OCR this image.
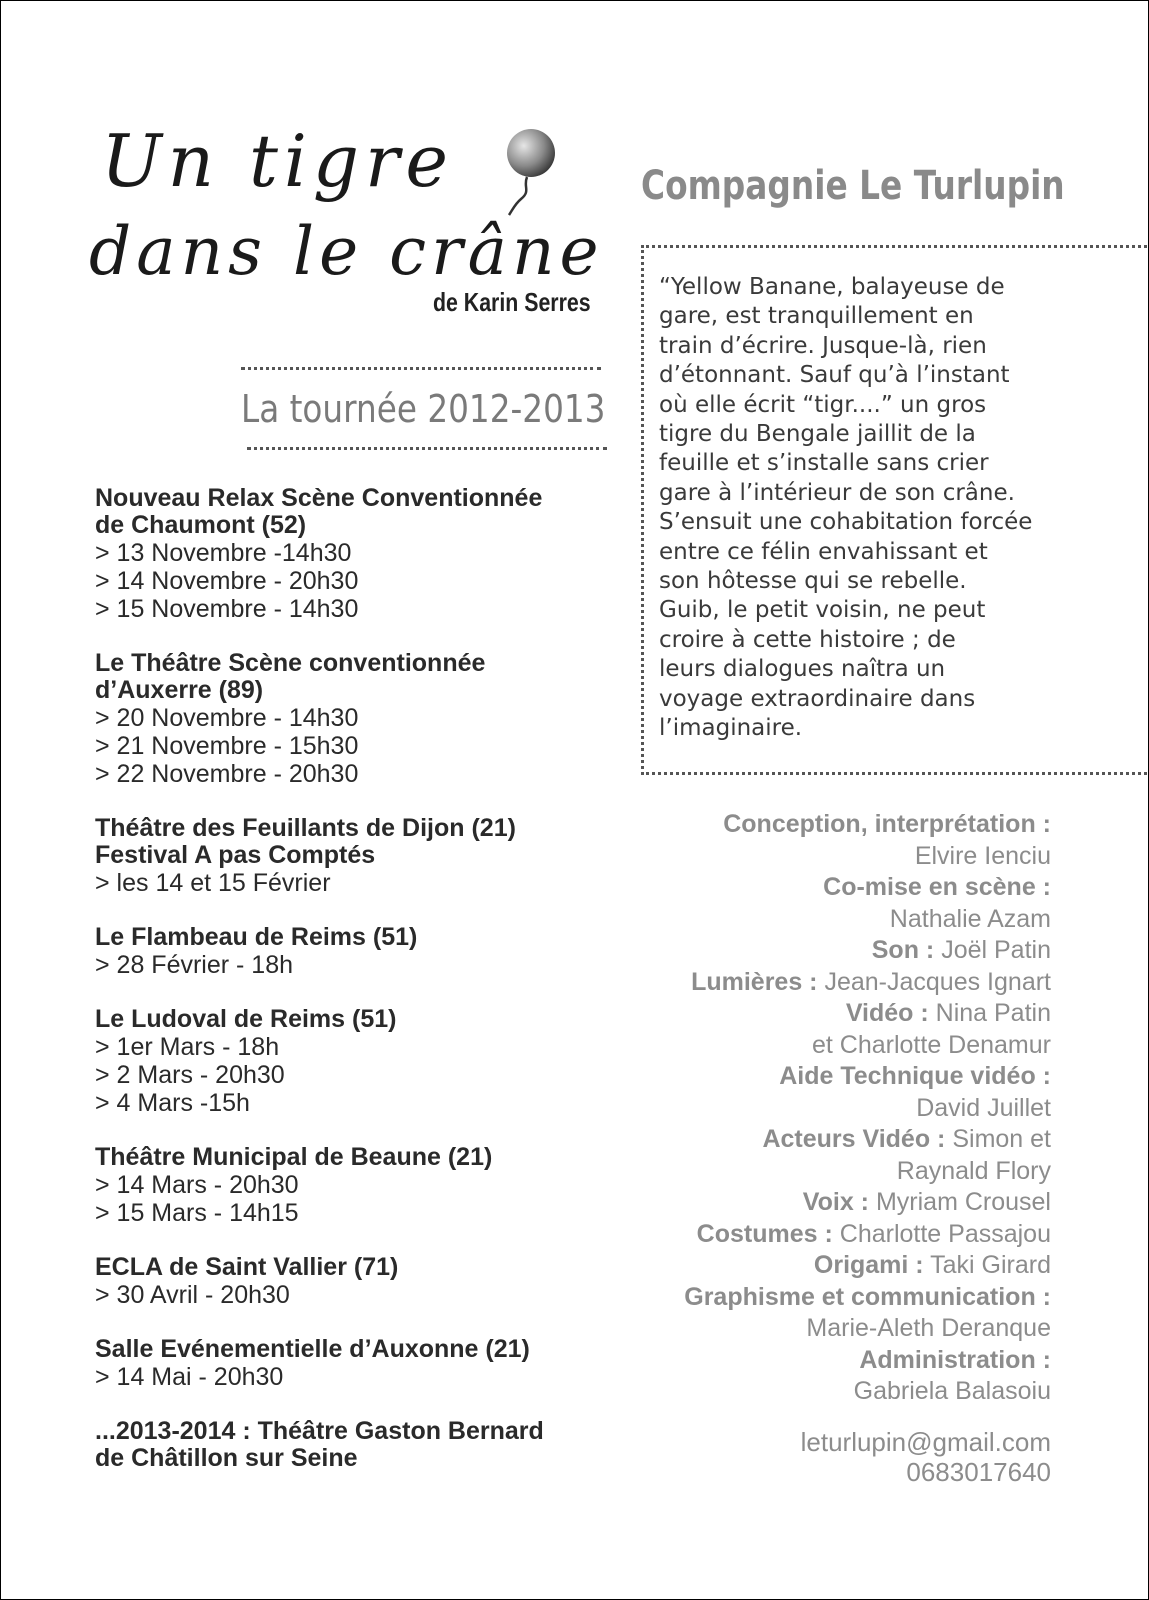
Un tigre
dans le crâne
de Karin Serres
La tournée 2012-2013
Nouveau Relax Scène Conventionnée
de Chaumont (52)
> 13 Novembre -14h30
> 14 Novembre - 20h30
> 15 Novembre - 14h30
Le Théâtre Scène conventionnée
d’Auxerre (89)
> 20 Novembre - 14h30
> 21 Novembre - 15h30
> 22 Novembre - 20h30
Théâtre des Feuillants de Dijon (21)
Festival A pas Comptés
> les 14 et 15 Février
Le Flambeau de Reims (51)
> 28 Février - 18h
Le Ludoval de Reims (51)
> 1er Mars - 18h
> 2 Mars - 20h30
> 4 Mars -15h
Théâtre Municipal de Beaune (21)
> 14 Mars - 20h30
> 15 Mars - 14h15
ECLA de Saint Vallier (71)
> 30 Avril - 20h30
Salle Evénementielle d’Auxonne (21)
> 14 Mai - 20h30
...2013-2014 : Théâtre Gaston Bernard
de Châtillon sur Seine
Compagnie Le Turlupin
“Yellow Banane, balayeuse de
gare, est tranquillement en
train d’écrire. Jusque-là, rien
d’étonnant. Sauf qu’à l’instant
où elle écrit “tigr....” un gros
tigre du Bengale jaillit de la
feuille et s’installe sans crier
gare à l’intérieur de son crâne.
S’ensuit une cohabitation forcée
entre ce félin envahissant et
son hôtesse qui se rebelle.
Guib, le petit voisin, ne peut
croire à cette histoire ; de
leurs dialogues naîtra un
voyage extraordinaire dans
l’imaginaire.
Conception, interprétation :
Elvire Ienciu
Co-mise en scène :
Nathalie Azam
Son : Joël Patin
Lumières : Jean-Jacques Ignart
Vidéo : Nina Patin
et Charlotte Denamur
Aide Technique vidéo :
David Juillet
Acteurs Vidéo : Simon et
Raynald Flory
Voix : Myriam Crousel
Costumes : Charlotte Passajou
Origami : Taki Girard
Graphisme et communication :
Marie-Aleth Deranque
Administration :
Gabriela Balasoiu
leturlupin@gmail.com
0683017640
